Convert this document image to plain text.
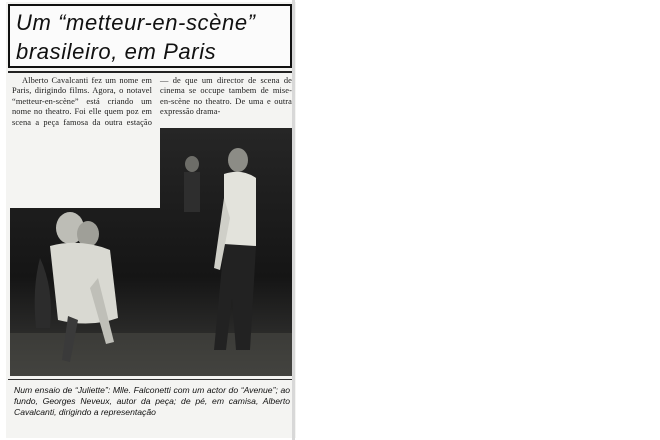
Um “metteur-en-scène”
brasileiro, em Paris

Alberto Cavalcanti fez um nome em Paris, dirigindo films. Agora, o notavel “metteur-en-scène” está criando um nome no theatro. Foi elle quem poz em scena a peça famosa da outra estação

— de que um director de scena de cinema se occupe tambem de mise-en-scène no theatro. De uma e outra expressão drama-

Num ensaio de “Juliette”: Mlle. Falconetti com um actor do “Avenue”; ao fundo, Georges Neveux, autor da peça; de pé, em camisa, Alberto Cavalcanti, dirigindo a representação
